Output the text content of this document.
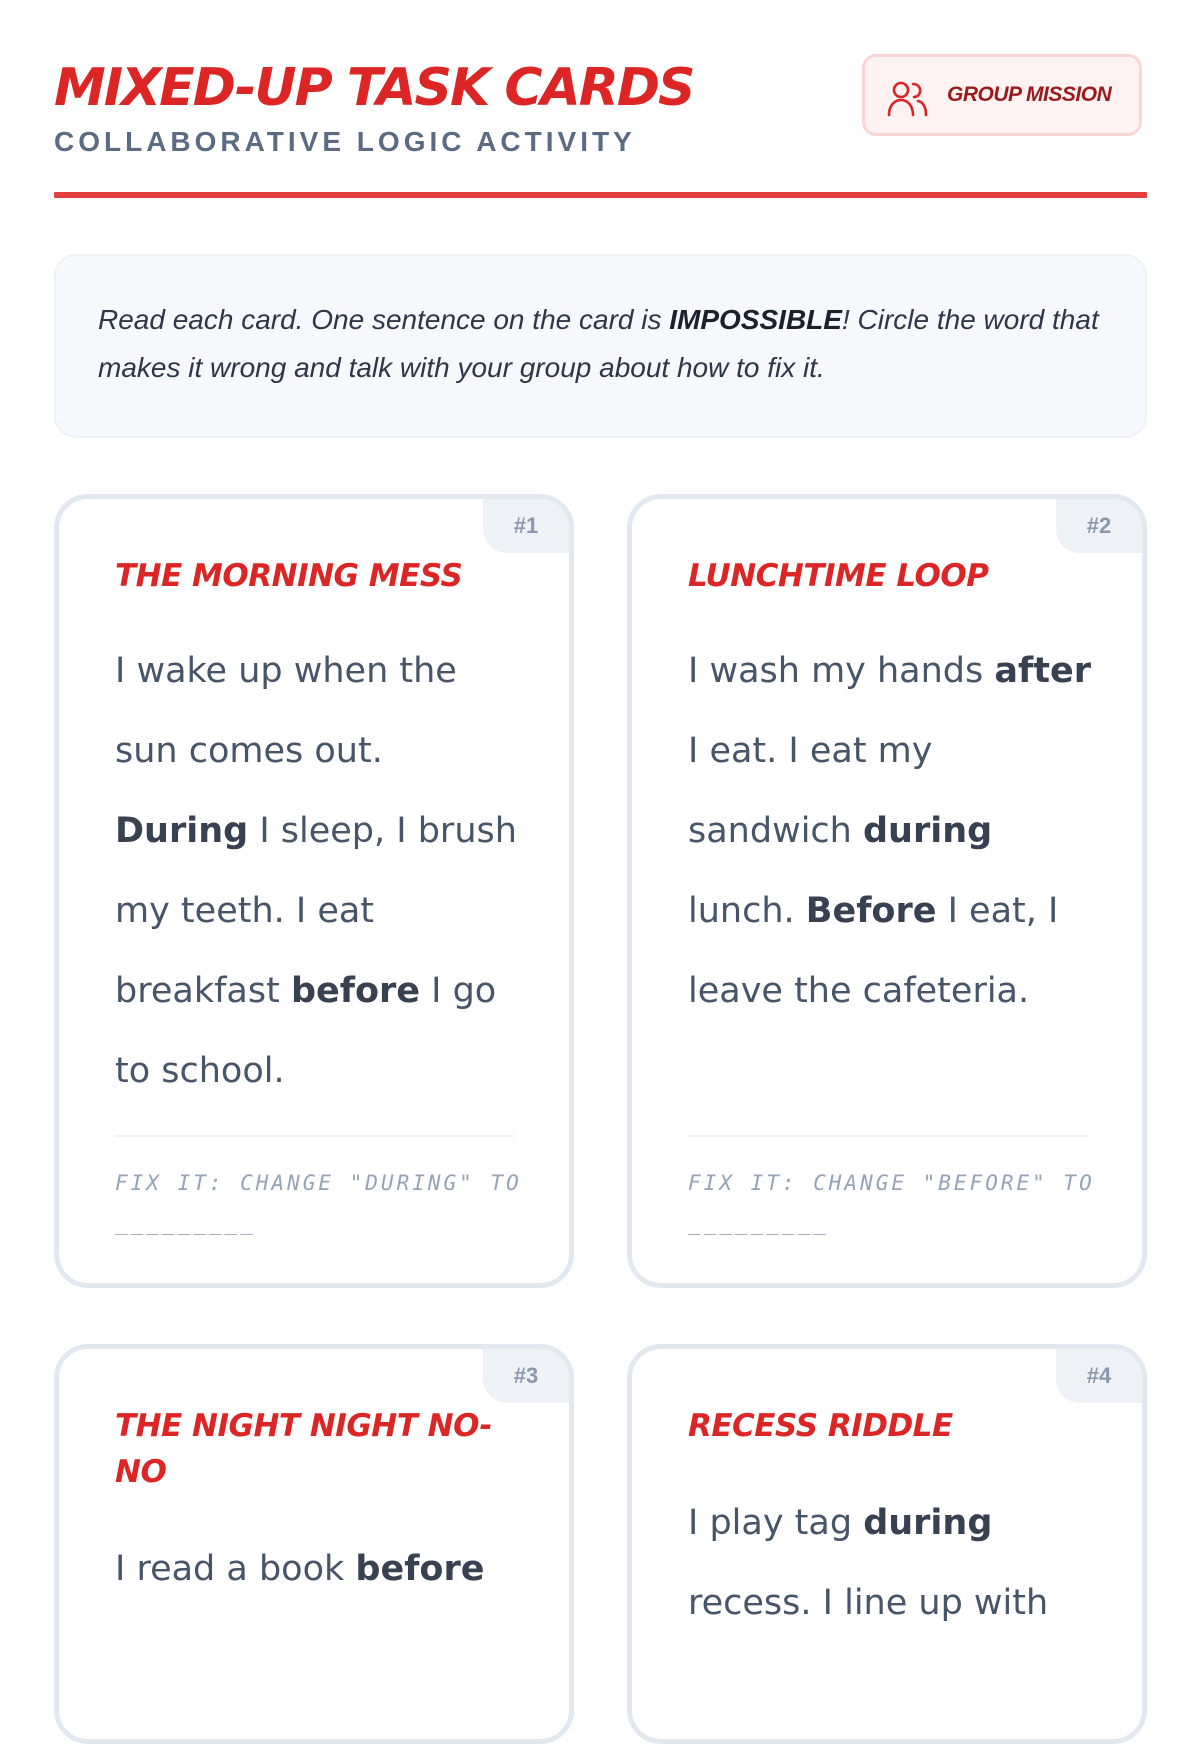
MIXED-UP TASK CARDS
COLLABORATIVE LOGIC ACTIVITY
GROUP MISSION

Read each card. One sentence on the card is IMPOSSIBLE! Circle the word that makes it wrong and talk with your group about how to fix it.

#1
THE MORNING MESS
I wake up when the sun comes out. During I sleep, I brush my teeth. I eat breakfast before I go to school.
FIX IT: CHANGE "DURING" TO _________
#2
LUNCHTIME LOOP
I wash my hands after I eat. I eat my sandwich during lunch. Before I eat, I leave the cafeteria.
FIX IT: CHANGE "BEFORE" TO _________
#3
THE NIGHT NIGHT NO-NO
I read a book before
#4
RECESS RIDDLE
I play tag during recess. I line up with
